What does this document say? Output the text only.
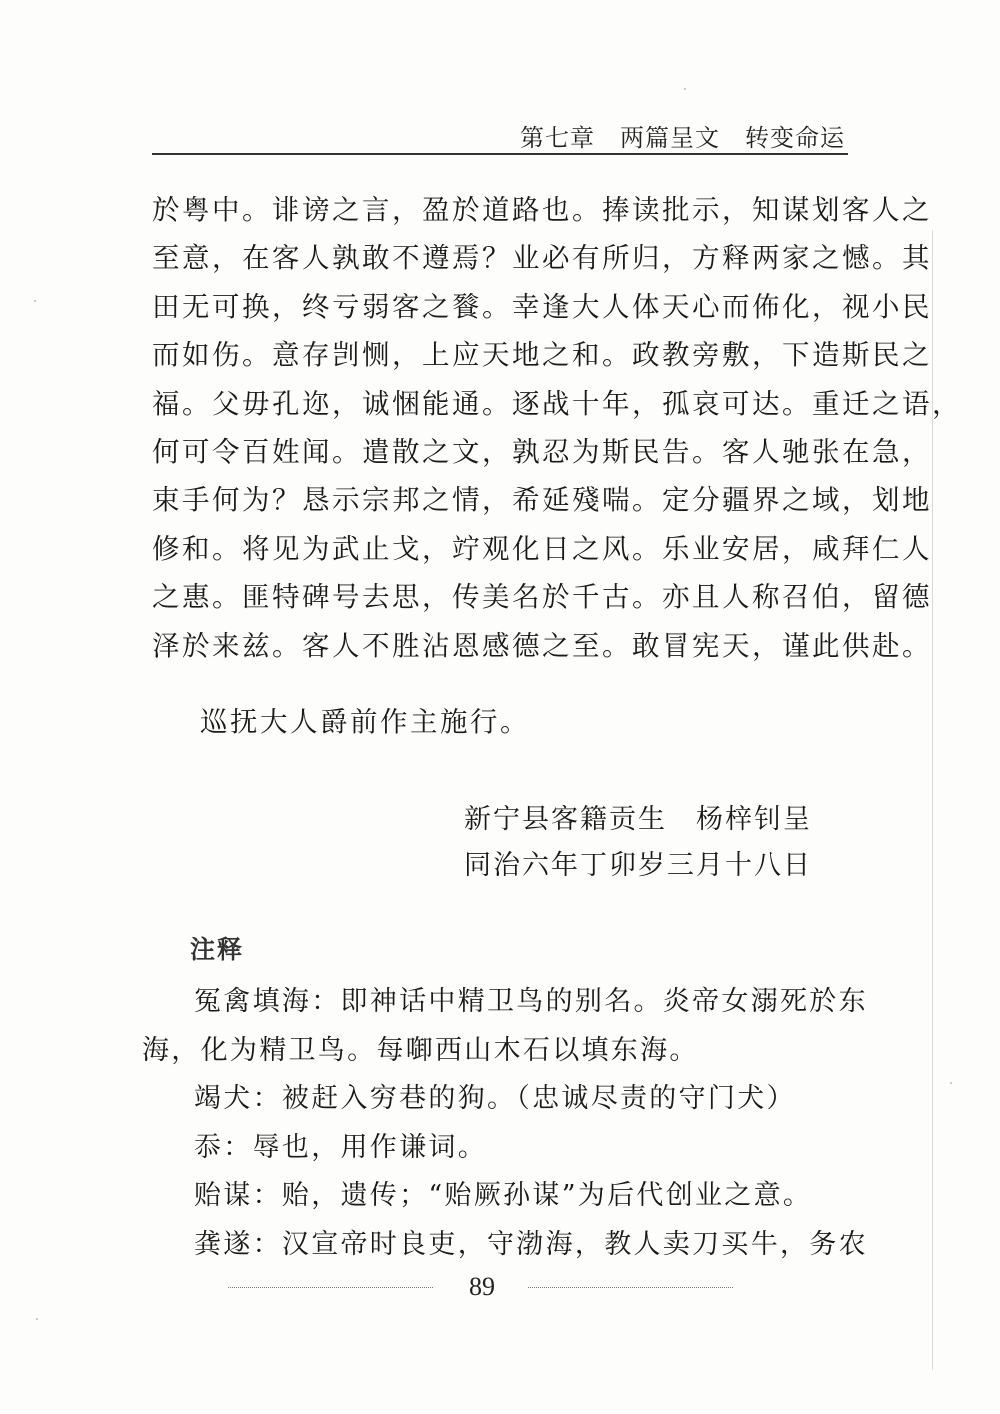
第七章　两篇呈文　转变命运
於粤中。诽谤之言，盈於道路也。捧读批示，知谋划客人之
至意，在客人孰敢不遵焉？业必有所归，方释两家之憾。其
田无可换，终亏弱客之餮。幸逢大人体天心而佈化，视小民
而如伤。意存剀恻，上应天地之和。政教旁敷，下造斯民之
福。父毋孔迩，诚悃能通。逐战十年，孤哀可达。重迁之语，
何可令百姓闻。遣散之文，孰忍为斯民告。客人驰张在急，
束手何为？恳示宗邦之情，希延殘喘。定分疆界之域，划地
修和。将见为武止戈，竚观化日之风。乐业安居，咸拜仁人
之惠。匪特碑号去思，传美名於千古。亦且人称召伯，留德
泽於来兹。客人不胜沾恩感德之至。敢冒宪天，谨此供赴。
巡抚大人爵前作主施行。
新宁县客籍贡生　杨梓钊呈
同治六年丁卯岁三月十八日
注释
冤禽填海：即神话中精卫鸟的别名。炎帝女溺死於东
海，化为精卫鸟。每啣西山木石以填东海。
竭犬：被赶入穷巷的狗。（忠诚尽责的守门犬）
忝：辱也，用作谦词。
贻谋：贻，遗传；“贻厥孙谋”为后代创业之意。
龚遂：汉宣帝时良吏，守渤海，教人卖刀买牛，务农
89
